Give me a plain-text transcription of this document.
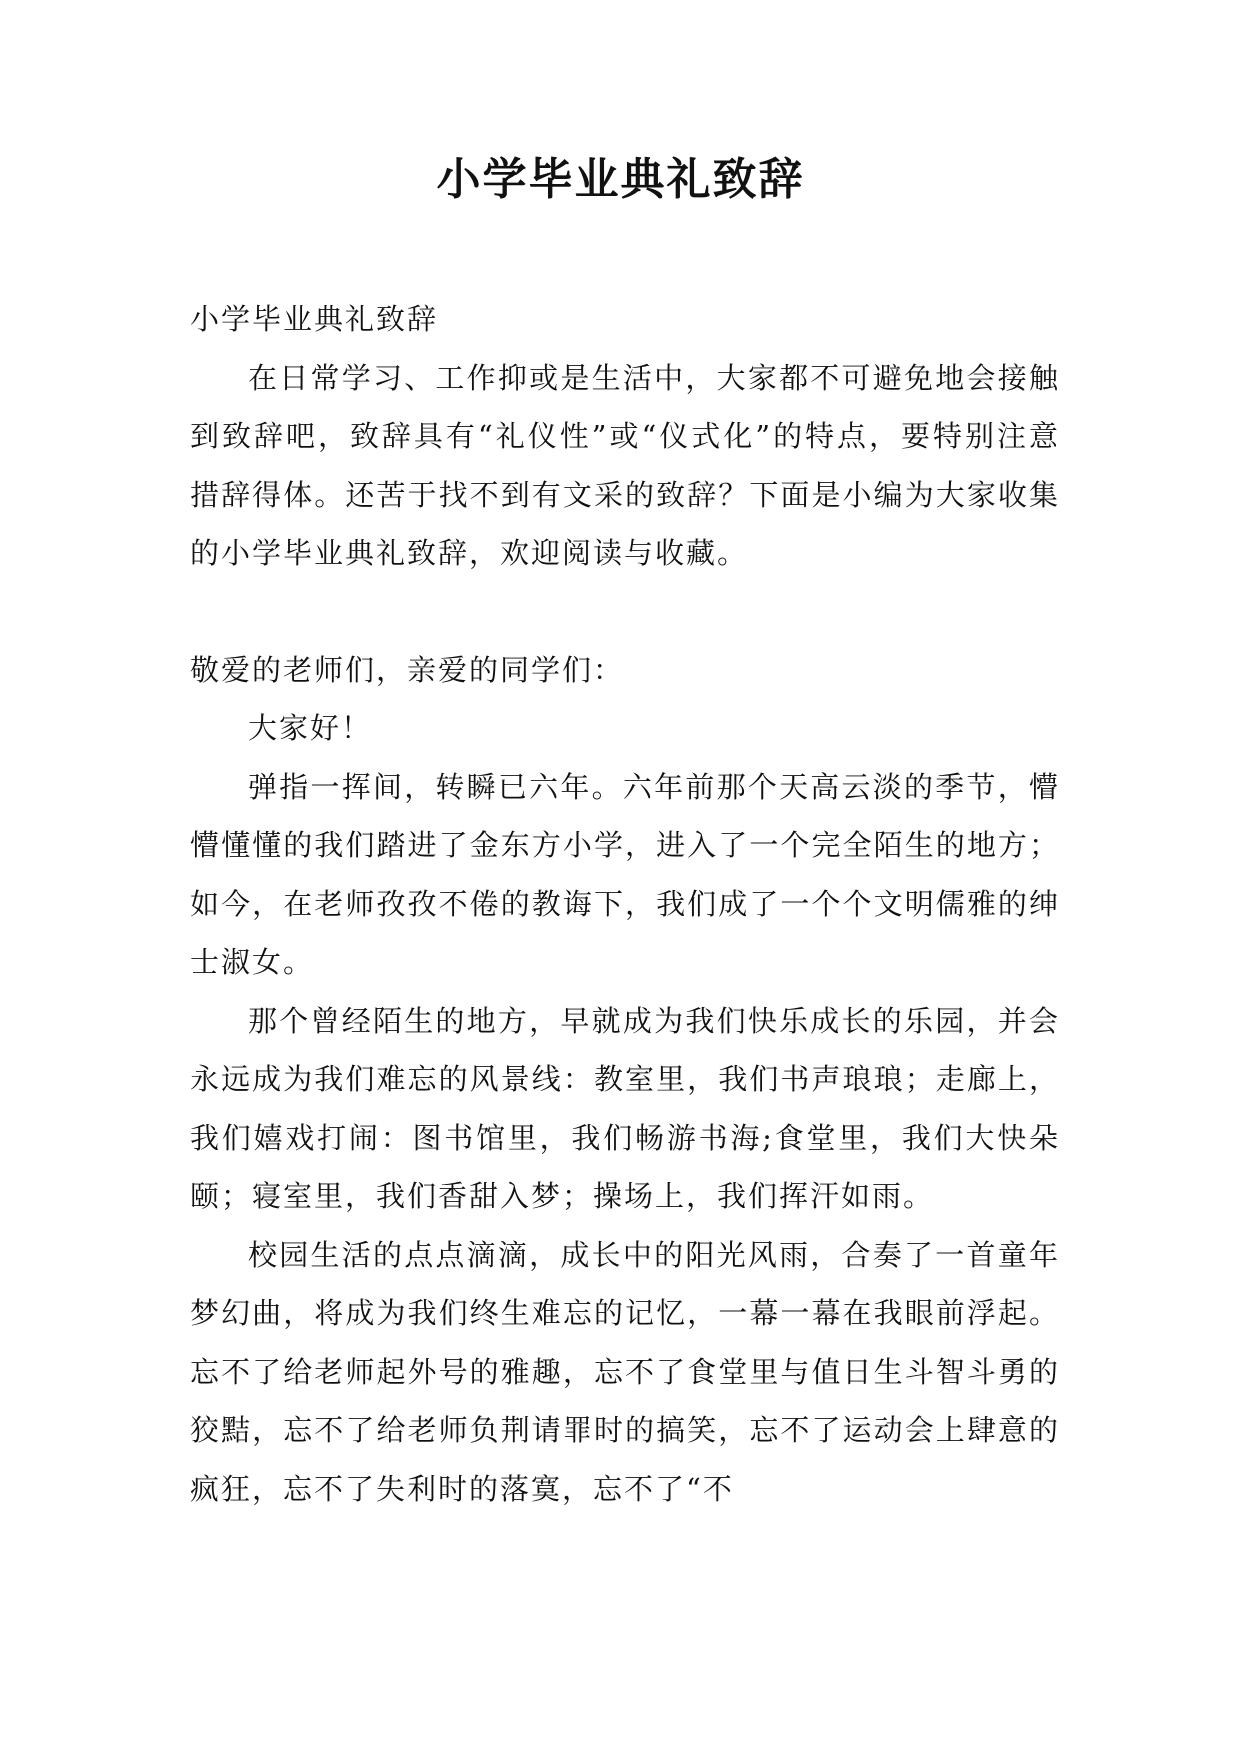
小学毕业典礼致辞

小学毕业典礼致辞

在日常学习、工作抑或是生活中，大家都不可避免地会接触到致辞吧，致辞具有“礼仪性”或“仪式化”的特点，要特别注意措辞得体。还苦于找不到有文采的致辞？下面是小编为大家收集的小学毕业典礼致辞，欢迎阅读与收藏。

敬爱的老师们，亲爱的同学们：

大家好！

弹指一挥间，转瞬已六年。六年前那个天高云淡的季节，懵懵懂懂的我们踏进了金东方小学，进入了一个完全陌生的地方；如今，在老师孜孜不倦的教诲下，我们成了一个个文明儒雅的绅士淑女。

那个曾经陌生的地方，早就成为我们快乐成长的乐园，并会永远成为我们难忘的风景线：教室里，我们书声琅琅；走廊上，我们嬉戏打闹：图书馆里，我们畅游书海;食堂里，我们大快朵颐；寝室里，我们香甜入梦；操场上，我们挥汗如雨。

校园生活的点点滴滴，成长中的阳光风雨，合奏了一首童年梦幻曲，将成为我们终生难忘的记忆，一幕一幕在我眼前浮起。忘不了给老师起外号的雅趣，忘不了食堂里与值日生斗智斗勇的狡黠，忘不了给老师负荆请罪时的搞笑，忘不了运动会上肆意的疯狂，忘不了失利时的落寞，忘不了“不
